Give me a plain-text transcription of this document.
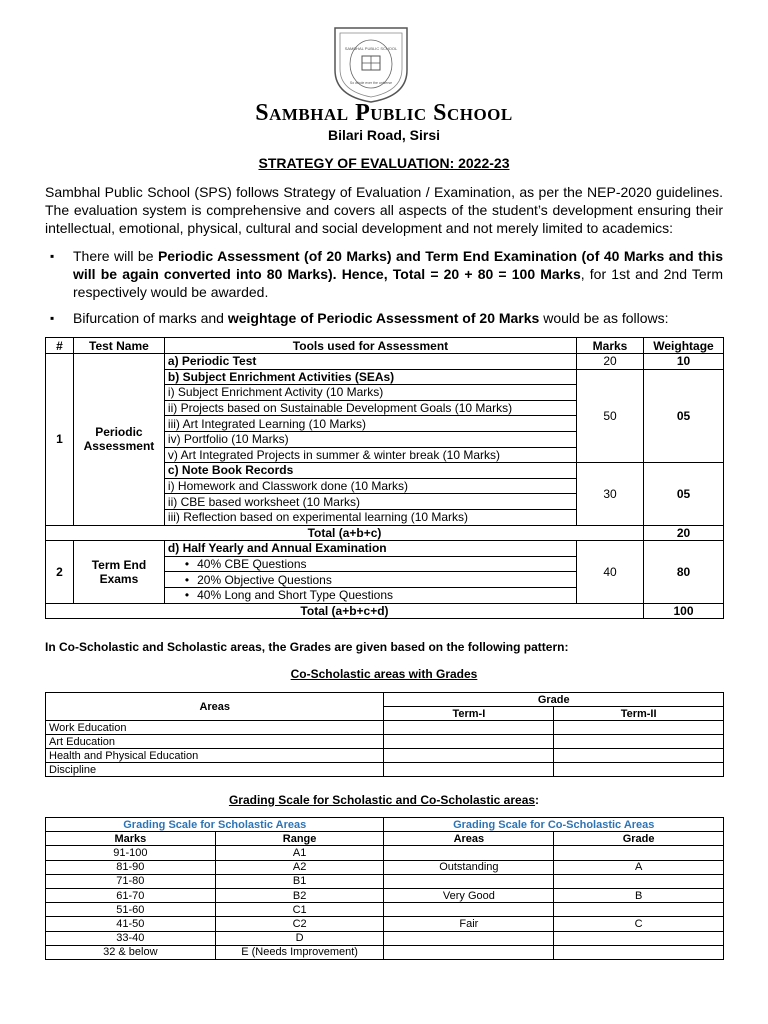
SAMBHAL PUBLIC SCHOOL
So whole ever the universe
Sambhal Public School
Bilari Road, Sirsi
STRATEGY OF EVALUATION: 2022-23

Sambhal Public School (SPS) follows Strategy of Evaluation / Examination, as per the NEP-2020 guidelines. The evaluation system is comprehensive and covers all aspects of the student’s development ensuring their intellectual, emotional, physical, cultural and social development and not merely limited to academics:

▪ There will be Periodic Assessment (of 20 Marks) and Term End Examination (of 40 Marks and this will be again converted into 80 Marks). Hence, Total = 20 + 80 = 100 Marks, for 1st and 2nd Term respectively would be awarded.
▪ Bifurcation of marks and weightage of Periodic Assessment of 20 Marks would be as follows:
#	Test Name	Tools used for Assessment	Marks	Weightage
1	Periodic Assessment	a) Periodic Test	20	10
		b) Subject Enrichment Activities (SEAs)	50	05
		i) Subject Enrichment Activity (10 Marks)		
		ii) Projects based on Sustainable Development Goals (10 Marks)		
		iii) Art Integrated Learning (10 Marks)		
		iv) Portfolio (10 Marks)		
		v) Art Integrated Projects in summer & winter break (10 Marks)		
		c) Note Book Records	30	05
		i) Homework and Classwork done (10 Marks)		
		ii) CBE based worksheet (10 Marks)		
		iii) Reflection based on experimental learning (10 Marks)		
Total (a+b+c)				20
2	Term End Exams	d) Half Yearly and Annual Examination	40	80
		• 40% CBE Questions
		• 20% Objective Questions
		• 40% Long and Short Type Questions
Total (a+b+c+d)				100
In Co-Scholastic and Scholastic areas, the Grades are given based on the following pattern:
Co-Scholastic areas with Grades
Areas	Grade	
	Term-I	Term-II
Work Education		
Art Education		
Health and Physical Education		
Discipline		
Grading Scale for Scholastic and Co-Scholastic areas:
Grading Scale for Scholastic Areas		Grading Scale for Co-Scholastic Areas	
Marks	Range	Areas	Grade
91-100	A1		
81-90	A2	Outstanding	A
71-80	B1		
61-70	B2	Very Good	B
51-60	C1		
41-50	C2	Fair	C
33-40	D		
32 & below	E (Needs Improvement)		
